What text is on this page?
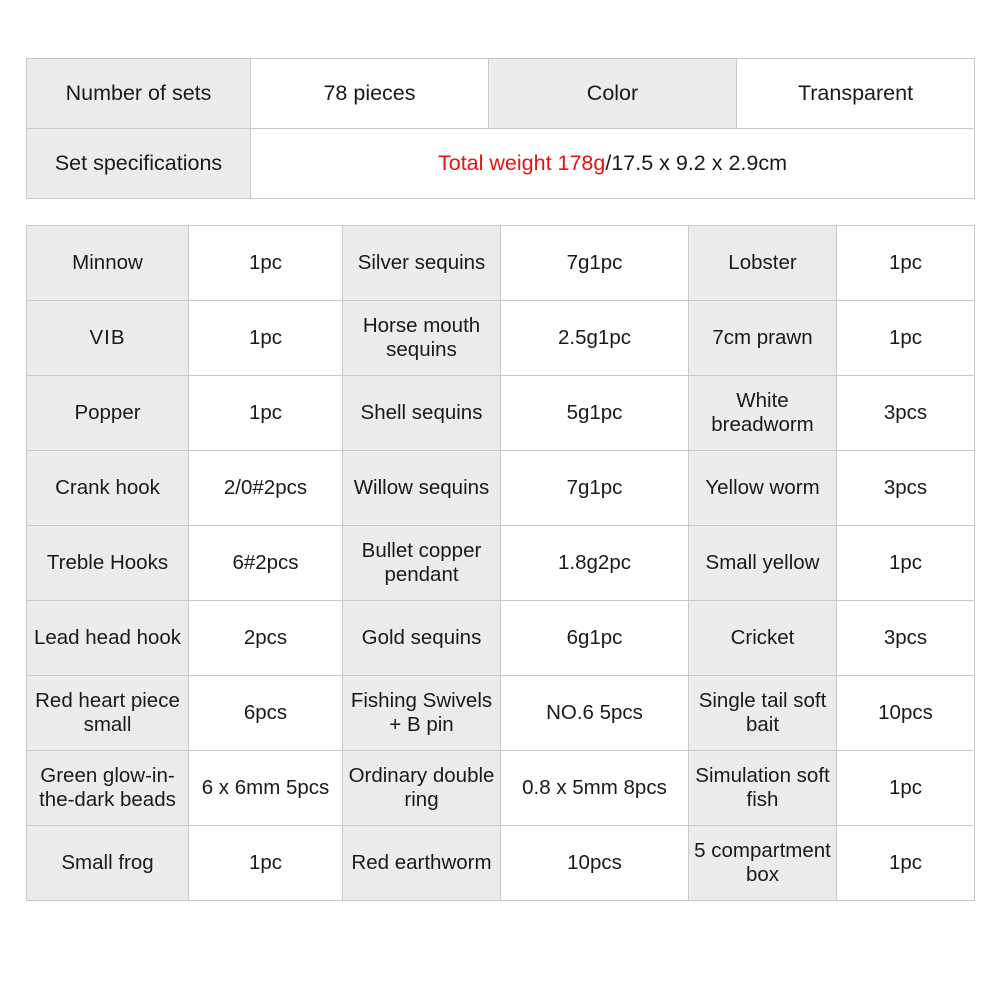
Number of sets	78 pieces	Color	Transparent
Set specifications	Total weight 178g/17.5 x 9.2 x 2.9cm		
Minnow	1pc	Silver sequins	7g1pc	Lobster	1pc
VIB	1pc	Horse mouth sequins	2.5g1pc	7cm prawn	1pc
Popper	1pc	Shell sequins	5g1pc	White breadworm	3pcs
Crank hook	2/0#2pcs	Willow sequins	7g1pc	Yellow worm	3pcs
Treble Hooks	6#2pcs	Bullet copper pendant	1.8g2pc	Small yellow	1pc
Lead head hook	2pcs	Gold sequins	6g1pc	Cricket	3pcs
Red heart piece small	6pcs	Fishing Swivels + B pin	NO.6 5pcs	Single tail soft bait	10pcs
Green glow-in-the-dark beads	6 x 6mm 5pcs	Ordinary double ring	0.8 x 5mm 8pcs	Simulation soft fish	1pc
Small frog	1pc	Red earthworm	10pcs	5 compartment box	1pc
